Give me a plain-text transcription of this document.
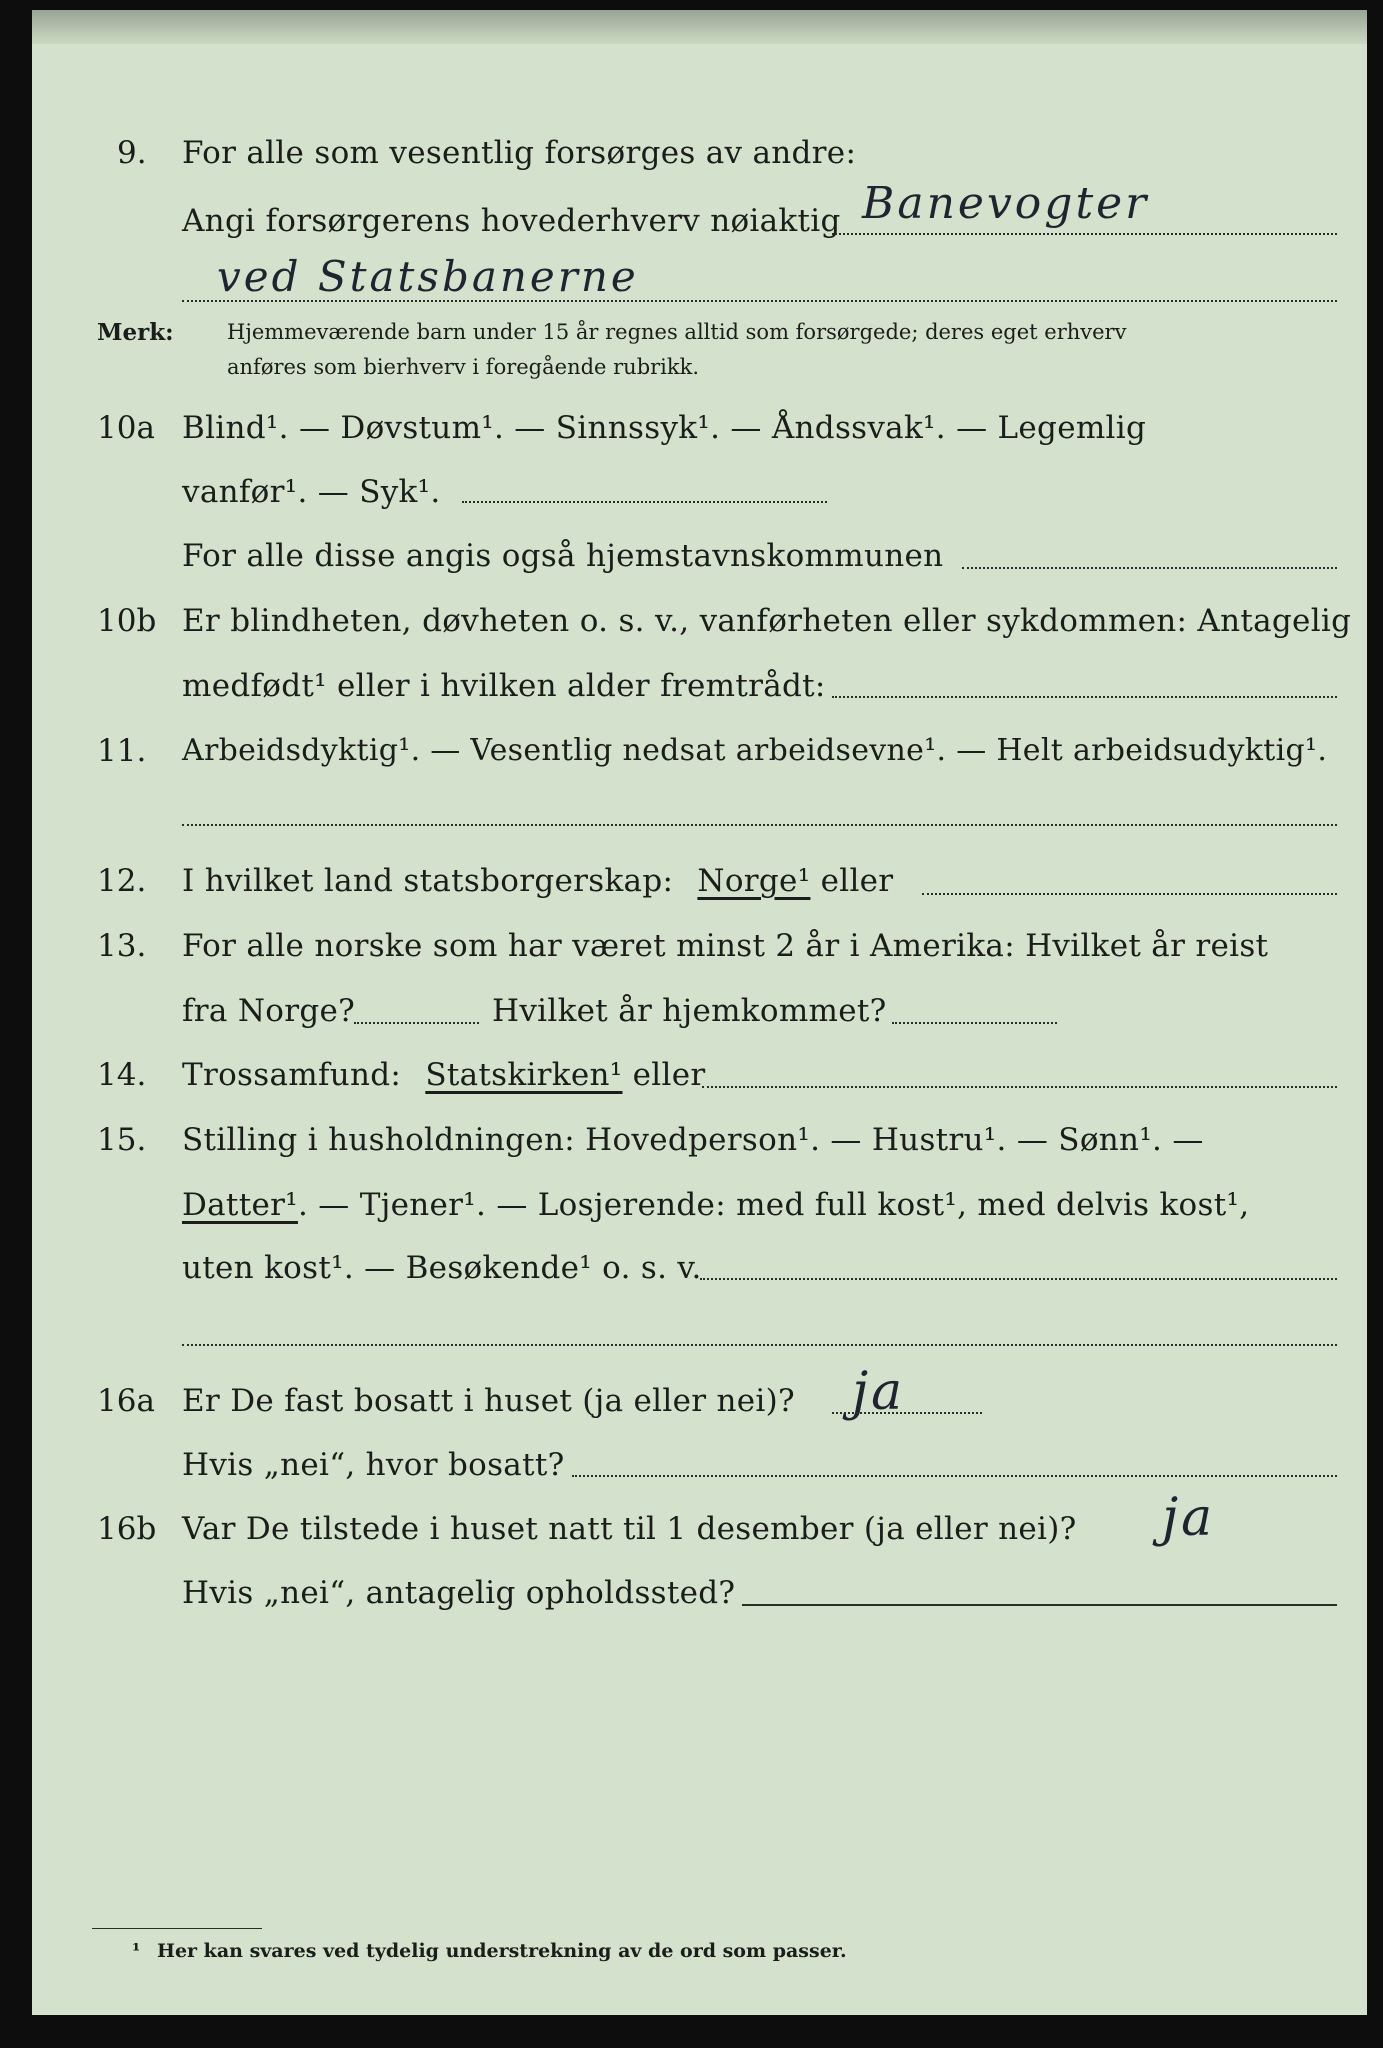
9. For alle som vesentlig forsørges av andre:
Angi forsørgerens hovederhverv nøiaktig Banevogter
ved Statsbanerne
Merk:	Hjemmeværende barn under 15 år regnes alltid som forsørgede; deres eget erhverv
anføres som bierhverv i foregående rubrikk.
10a Blind¹. — Døvstum¹. — Sinnssyk¹. — Åndssvak¹. — Legemlig
vanfør¹. — Syk¹.
For alle disse angis også hjemstavnskommunen
10b Er blindheten, døvheten o. s. v., vanførheten eller sykdommen: Antagelig
medfødt¹ eller i hvilken alder fremtrådt:
11. Arbeidsdyktig¹. — Vesentlig nedsat arbeidsevne¹. — Helt arbeidsudyktig¹.
12. I hvilket land statsborgerskap: Norge¹ eller
13. For alle norske som har været minst 2 år i Amerika: Hvilket år reist
fra Norge?	Hvilket år hjemkommet?
14. Trossamfund: Statskirken¹ eller
15. Stilling i husholdningen: Hovedperson¹. — Hustru¹. — Sønn¹. —
Datter¹. — Tjener¹. — Losjerende: med full kost¹, med delvis kost¹,
uten kost¹. — Besøkende¹ o. s. v.
16a Er De fast bosatt i huset (ja eller nei)? ja
Hvis „nei“, hvor bosatt?
16b Var De tilstede i huset natt til 1 desember (ja eller nei)? ja
Hvis „nei“, antagelig opholdssted?
¹ Her kan svares ved tydelig understrekning av de ord som passer.
